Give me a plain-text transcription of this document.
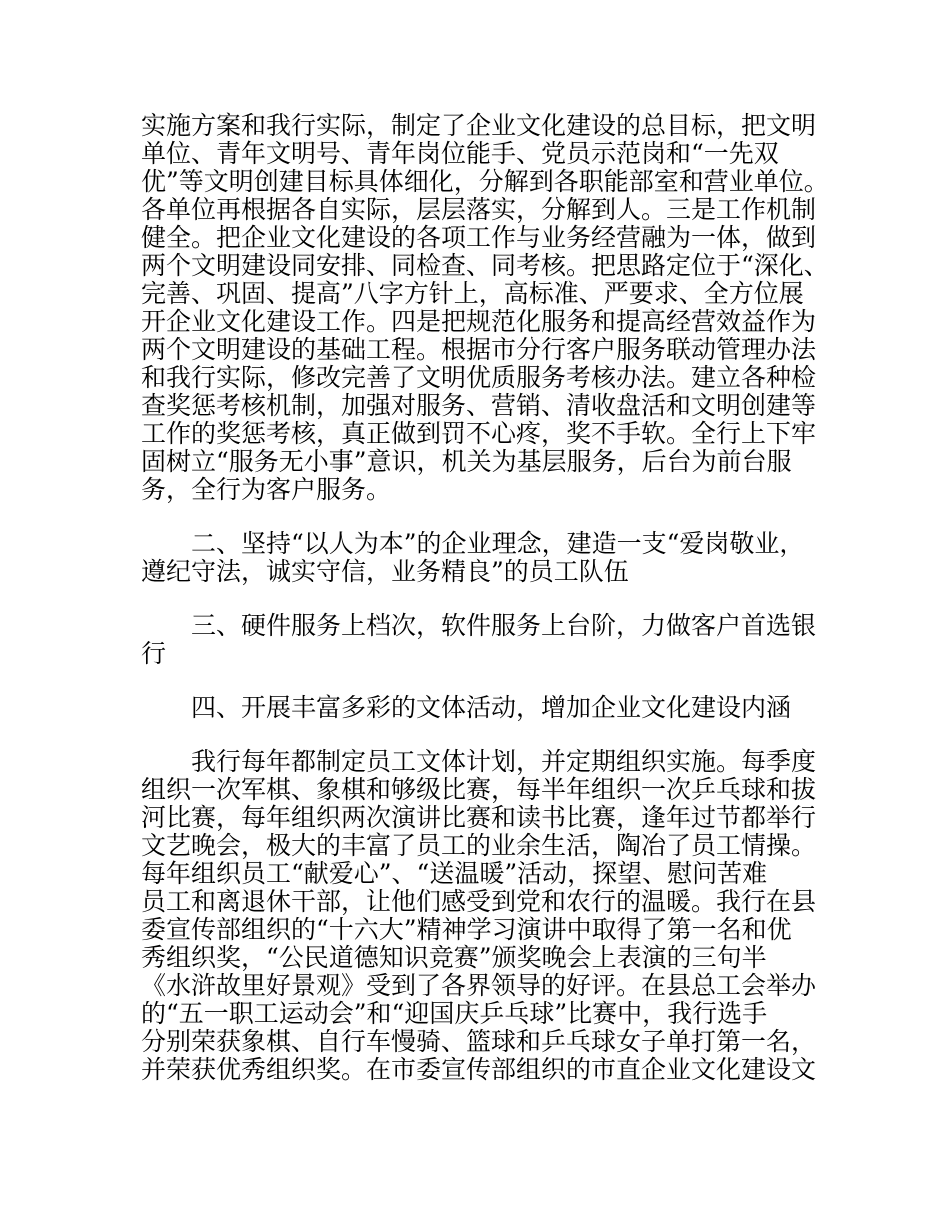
实施方案和我行实际，制定了企业文化建设的总目标，把文明
单位、青年文明号、青年岗位能手、党员示范岗和“一先双
优”等文明创建目标具体细化，分解到各职能部室和营业单位。
各单位再根据各自实际，层层落实，分解到人。三是工作机制
健全。把企业文化建设的各项工作与业务经营融为一体，做到
两个文明建设同安排、同检查、同考核。把思路定位于“深化、
完善、巩固、提高”八字方针上，高标准、严要求、全方位展
开企业文化建设工作。四是把规范化服务和提高经营效益作为
两个文明建设的基础工程。根据市分行客户服务联动管理办法
和我行实际，修改完善了文明优质服务考核办法。建立各种检
查奖惩考核机制，加强对服务、营销、清收盘活和文明创建等
工作的奖惩考核，真正做到罚不心疼，奖不手软。全行上下牢
固树立“服务无小事”意识，机关为基层服务，后台为前台服
务，全行为客户服务。
二、坚持“以人为本”的企业理念，建造一支“爱岗敬业，
遵纪守法，诚实守信，业务精良”的员工队伍
三、硬件服务上档次，软件服务上台阶，力做客户首选银
行
四、开展丰富多彩的文体活动，增加企业文化建设内涵
我行每年都制定员工文体计划，并定期组织实施。每季度
组织一次军棋、象棋和够级比赛，每半年组织一次乒乓球和拔
河比赛，每年组织两次演讲比赛和读书比赛，逢年过节都举行
文艺晚会，极大的丰富了员工的业余生活，陶冶了员工情操。
每年组织员工“献爱心”、“送温暖”活动，探望、慰问苦难
员工和离退休干部，让他们感受到党和农行的温暖。我行在县
委宣传部组织的“十六大”精神学习演讲中取得了第一名和优
秀组织奖，“公民道德知识竞赛”颁奖晚会上表演的三句半
《水浒故里好景观》受到了各界领导的好评。在县总工会举办
的“五一职工运动会”和“迎国庆乒乓球”比赛中，我行选手
分别荣获象棋、自行车慢骑、篮球和乒乓球女子单打第一名，
并荣获优秀组织奖。在市委宣传部组织的市直企业文化建设文
